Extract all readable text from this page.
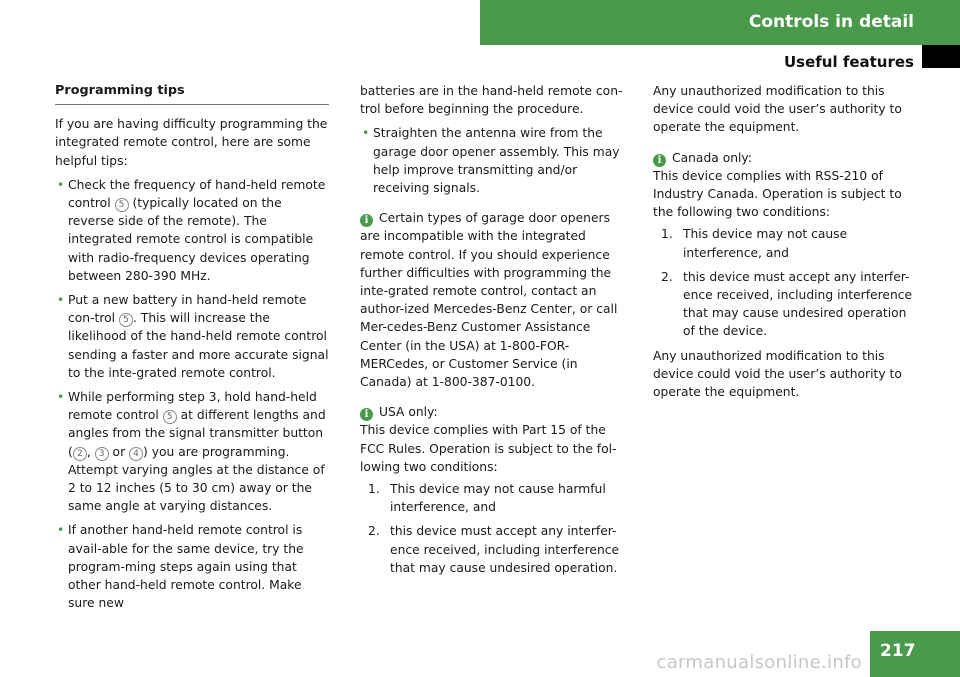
Controls in detail
Useful features
Programming tips

If you are having difficulty programming the integrated remote control, here are some helpful tips:

• Check the frequency of hand-held remote control 5 (typically located on the reverse side of the remote). The integrated remote control is compatible with radio-frequency devices operating between 280-390 MHz.
• Put a new battery in hand-held remote con-trol 5 . This will increase the likelihood of the hand-held remote control sending a faster and more accurate signal to the inte-grated remote control.
• While performing step 3, hold hand-held remote control 5 at different lengths and angles from the signal transmitter button ( 2 , 3 or 4 ) you are programming. Attempt varying angles at the distance of 2 to 12 inches (5 to 30 cm) away or the same angle at varying distances.
• If another hand-held remote control is avail-able for the same device, try the program-ming steps again using that other hand-held remote control. Make sure new

batteries are in the hand-held remote con-trol before beginning the procedure.

• Straighten the antenna wire from the garage door opener assembly. This may help improve transmitting and/or receiving signals.
i Certain types of garage door openers are incompatible with the integrated remote control. If you should experience further difficulties with programming the inte-grated remote control, contact an author-ized Mercedes-Benz Center, or call Mer-cedes-Benz Customer Assistance Center (in the USA) at 1-800-FOR-MERCedes, or Customer Service (in Canada) at 1-800-387-0100.
i USA only:
This device complies with Part 15 of the FCC Rules. Operation is subject to the fol-lowing two conditions:
1. This device may not cause harmful interference, and
2. this device must accept any interfer-ence received, including interference that may cause undesired operation.

Any unauthorized modification to this device could void the user’s authority to operate the equipment.

i Canada only:
This device complies with RSS-210 of Industry Canada. Operation is subject to the following two conditions:
1. This device may not cause interference, and
2. this device must accept any interfer-ence received, including interference that may cause undesired operation of the device.

Any unauthorized modification to this device could void the user’s authority to operate the equipment.

carmanualsonline.info
217
